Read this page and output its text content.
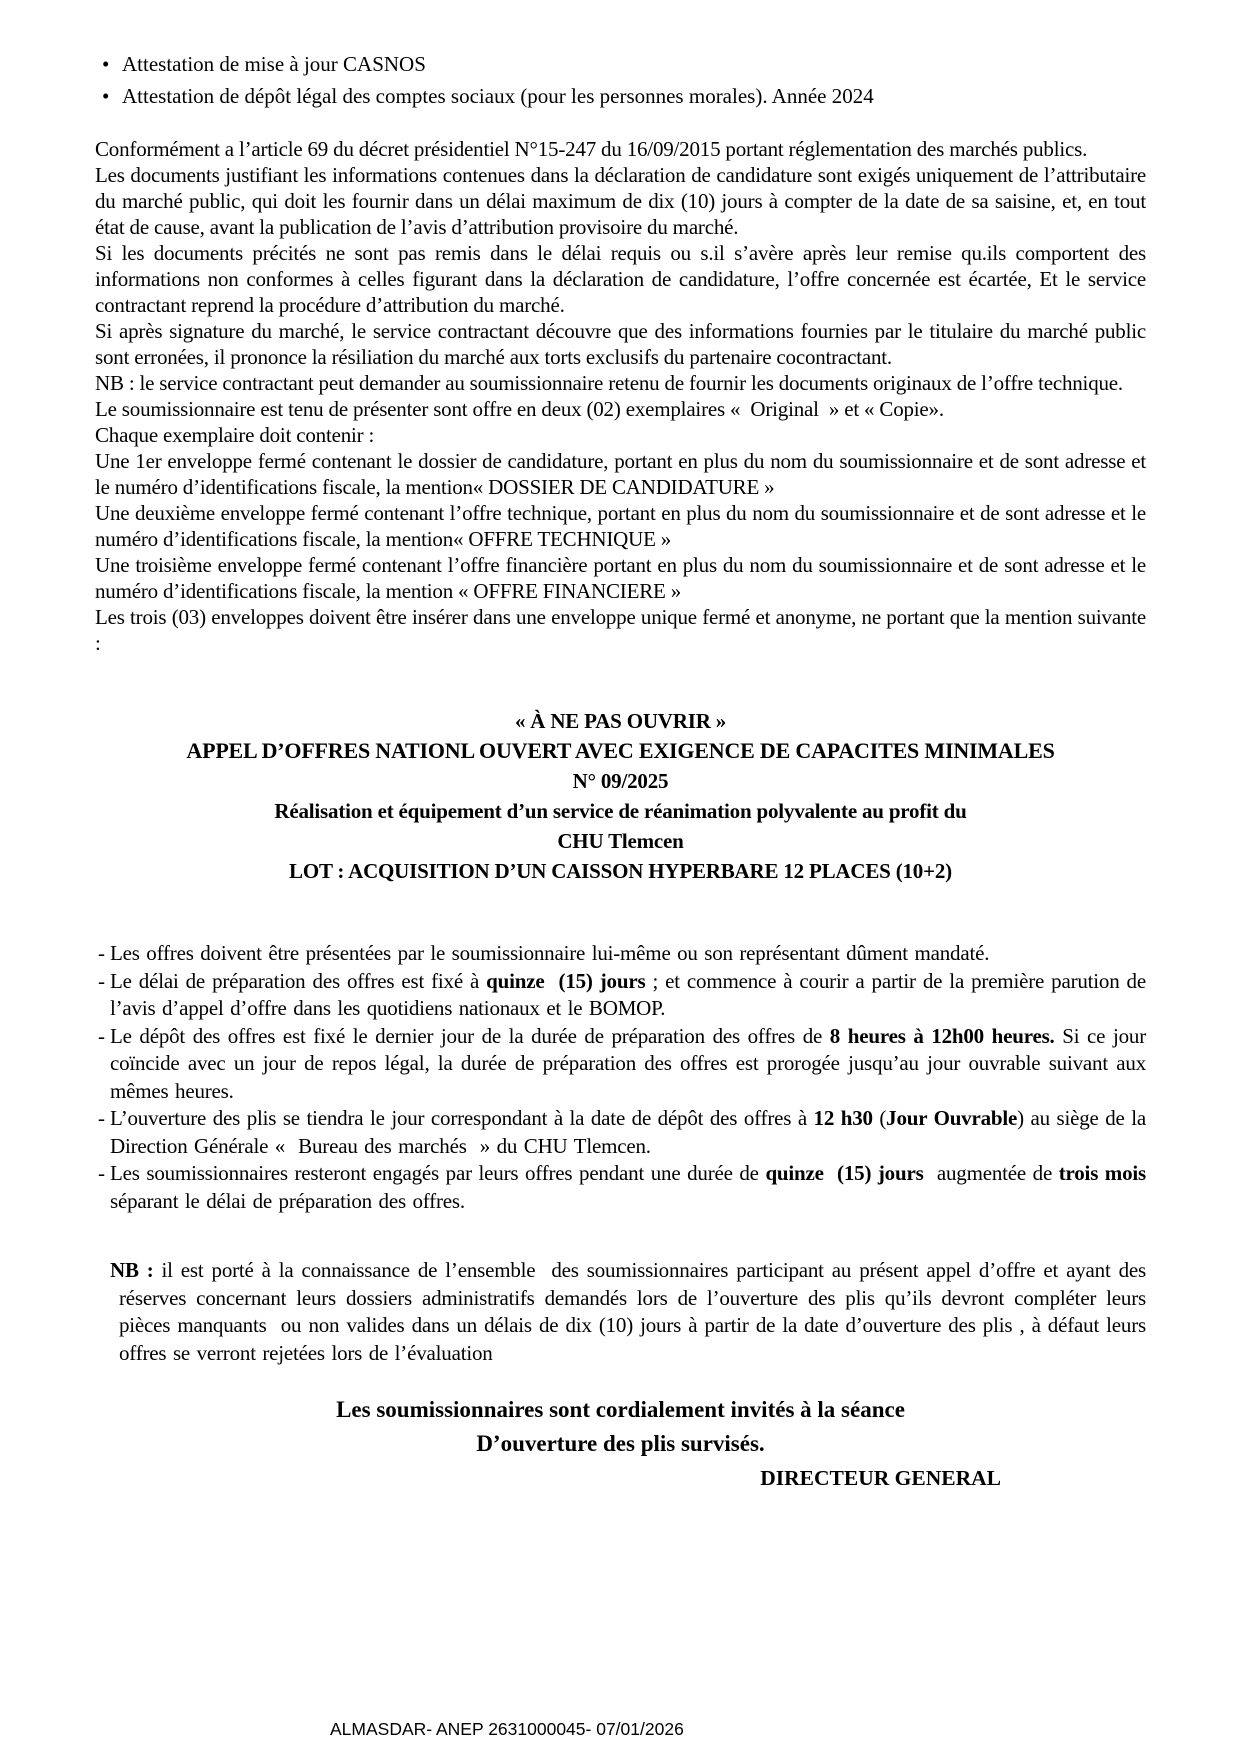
• Attestation de mise à jour CASNOS
• Attestation de dépôt légal des comptes sociaux (pour les personnes morales). Année 2024

Conformément a l’article 69 du décret présidentiel N°15-247 du 16/09/2015 portant réglementation des marchés publics.

Les documents justifiant les informations contenues dans la déclaration de candidature sont exigés uniquement de l’attributaire du marché public, qui doit les fournir dans un délai maximum de dix (10) jours à compter de la date de sa saisine, et, en tout état de cause, avant la publication de l’avis d’attribution provisoire du marché.

Si les documents précités ne sont pas remis dans le délai requis ou s.il s’avère après leur remise qu.ils comportent des informations non conformes à celles figurant dans la déclaration de candidature, l’offre concernée est écartée, Et le service contractant reprend la procédure d’attribution du marché.

Si après signature du marché, le service contractant découvre que des informations fournies par le titulaire du marché public sont erronées, il prononce la résiliation du marché aux torts exclusifs du partenaire cocontractant.

NB : le service contractant peut demander au soumissionnaire retenu de fournir les documents originaux de l’offre technique.

Le soumissionnaire est tenu de présenter sont offre en deux (02) exemplaires «  Original  » et « Copie».

Chaque exemplaire doit contenir :

Une 1er enveloppe fermé contenant le dossier de candidature, portant en plus du nom du soumissionnaire et de sont adresse et le numéro d’identifications fiscale, la mention« DOSSIER DE CANDIDATURE »

Une deuxième enveloppe fermé contenant l’offre technique, portant en plus du nom du soumissionnaire et de sont adresse et le numéro d’identifications fiscale, la mention« OFFRE TECHNIQUE »

Une troisième enveloppe fermé contenant l’offre financière portant en plus du nom du soumissionnaire et de sont adresse et le numéro d’identifications fiscale, la mention « OFFRE FINANCIERE »

Les trois (03) enveloppes doivent être insérer dans une enveloppe unique fermé et anonyme, ne portant que la mention suivante :

« À NE PAS OUVRIR »

APPEL D’OFFRES NATIONL OUVERT AVEC EXIGENCE DE CAPACITES MINIMALES

N° 09/2025

Réalisation et équipement d’un service de réanimation polyvalente au profit du

CHU Tlemcen

LOT : ACQUISITION D’UN CAISSON HYPERBARE 12 PLACES (10+2)

- Les offres doivent être présentées par le soumissionnaire lui-même ou son représentant dûment mandaté.
- Le délai de préparation des offres est fixé à quinze  (15) jours ; et commence à courir a partir de la première parution de l’avis d’appel d’offre dans les quotidiens nationaux et le BOMOP.
- Le dépôt des offres est fixé le dernier jour de la durée de préparation des offres de 8 heures à 12h00 heures. Si ce jour coïncide avec un jour de repos légal, la durée de préparation des offres est prorogée jusqu’au jour ouvrable suivant aux mêmes heures.
- L’ouverture des plis se tiendra le jour correspondant à la date de dépôt des offres à 12 h30 (Jour Ouvrable) au siège de la Direction Générale «  Bureau des marchés  » du CHU Tlemcen.
- Les soumissionnaires resteront engagés par leurs offres pendant une durée de quinze  (15) jours  augmentée de trois mois séparant le délai de préparation des offres.
NB : il est porté à la connaissance de l’ensemble  des soumissionnaires participant au présent appel d’offre et ayant des réserves concernant leurs dossiers administratifs demandés lors de l’ouverture des plis qu’ils devront compléter leurs pièces manquants  ou non valides dans un délais de dix (10) jours à partir de la date d’ouverture des plis , à défaut leurs offres se verront rejetées lors de l’évaluation

Les soumissionnaires sont cordialement invités à la séance

D’ouverture des plis survisés.

DIRECTEUR GENERAL
ALMASDAR- ANEP 2631000045- 07/01/2026
